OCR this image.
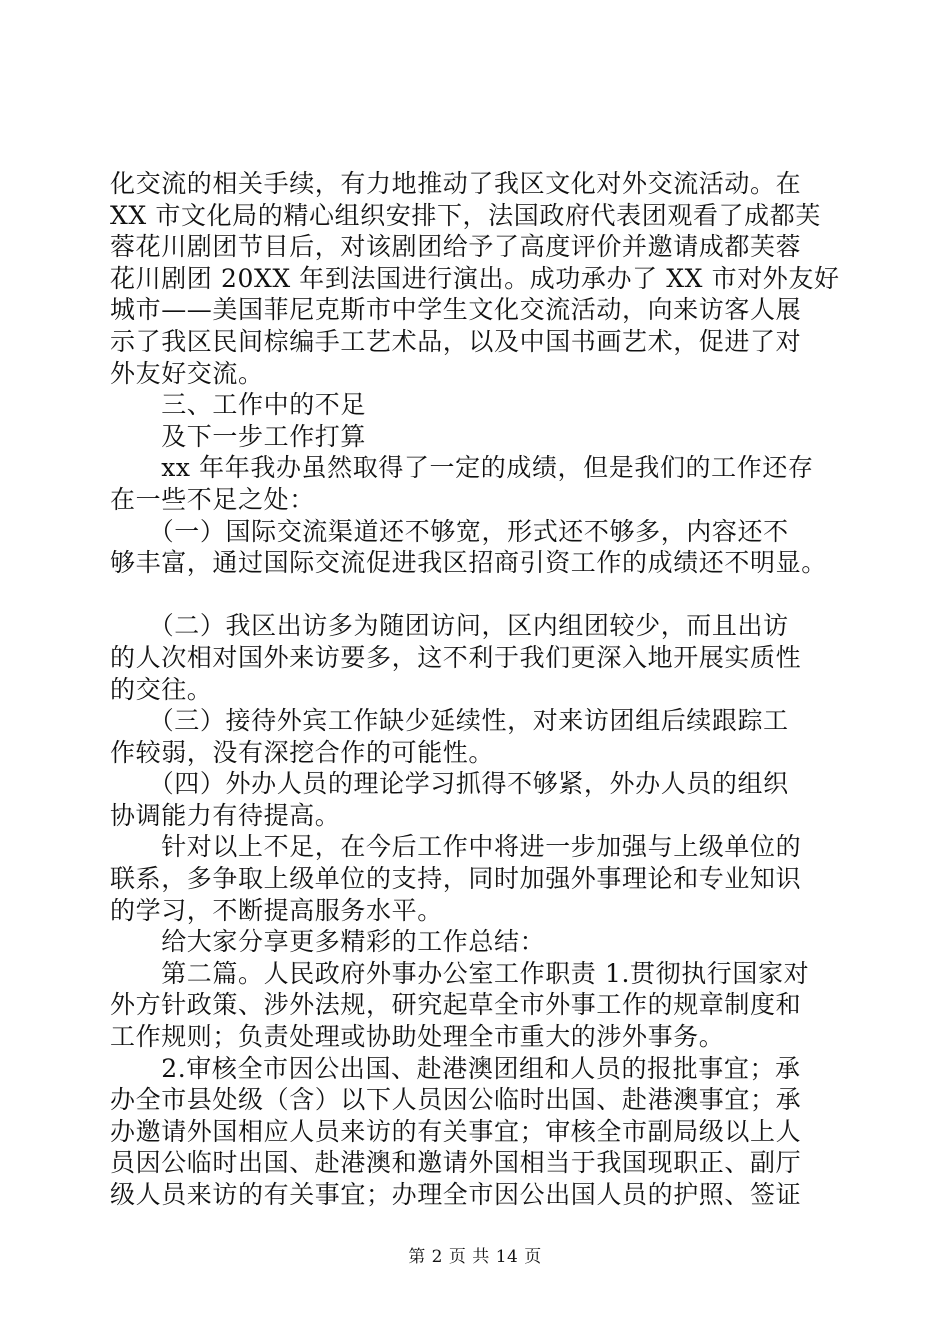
化交流的相关手续，有力地推动了我区文化对外交流活动。在
XX 市文化局的精心组织安排下，法国政府代表团观看了成都芙
蓉花川剧团节目后，对该剧团给予了高度评价并邀请成都芙蓉
花川剧团 20XX 年到法国进行演出。成功承办了 XX 市对外友好
城市——美国菲尼克斯市中学生文化交流活动，向来访客人展
示了我区民间棕编手工艺术品，以及中国书画艺术，促进了对
外友好交流。
　　三、工作中的不足
　　及下一步工作打算
　　xx 年年我办虽然取得了一定的成绩，但是我们的工作还存
在一些不足之处：
　　（一）国际交流渠道还不够宽，形式还不够多，内容还不
够丰富，通过国际交流促进我区招商引资工作的成绩还不明显。
　　（二）我区出访多为随团访问，区内组团较少，而且出访
的人次相对国外来访要多，这不利于我们更深入地开展实质性
的交往。
　　（三）接待外宾工作缺少延续性，对来访团组后续跟踪工
作较弱，没有深挖合作的可能性。
　　（四）外办人员的理论学习抓得不够紧，外办人员的组织
协调能力有待提高。
　　针对以上不足，在今后工作中将进一步加强与上级单位的
联系，多争取上级单位的支持，同时加强外事理论和专业知识
的学习，不断提高服务水平。
　　给大家分享更多精彩的工作总结：
　　第二篇。人民政府外事办公室工作职责 1.贯彻执行国家对
外方针政策、涉外法规，研究起草全市外事工作的规章制度和
工作规则；负责处理或协助处理全市重大的涉外事务。
　　2.审核全市因公出国、赴港澳团组和人员的报批事宜；承
办全市县处级（含）以下人员因公临时出国、赴港澳事宜；承
办邀请外国相应人员来访的有关事宜；审核全市副局级以上人
员因公临时出国、赴港澳和邀请外国相当于我国现职正、副厅
级人员来访的有关事宜；办理全市因公出国人员的护照、签证
第 2 页 共 14 页
